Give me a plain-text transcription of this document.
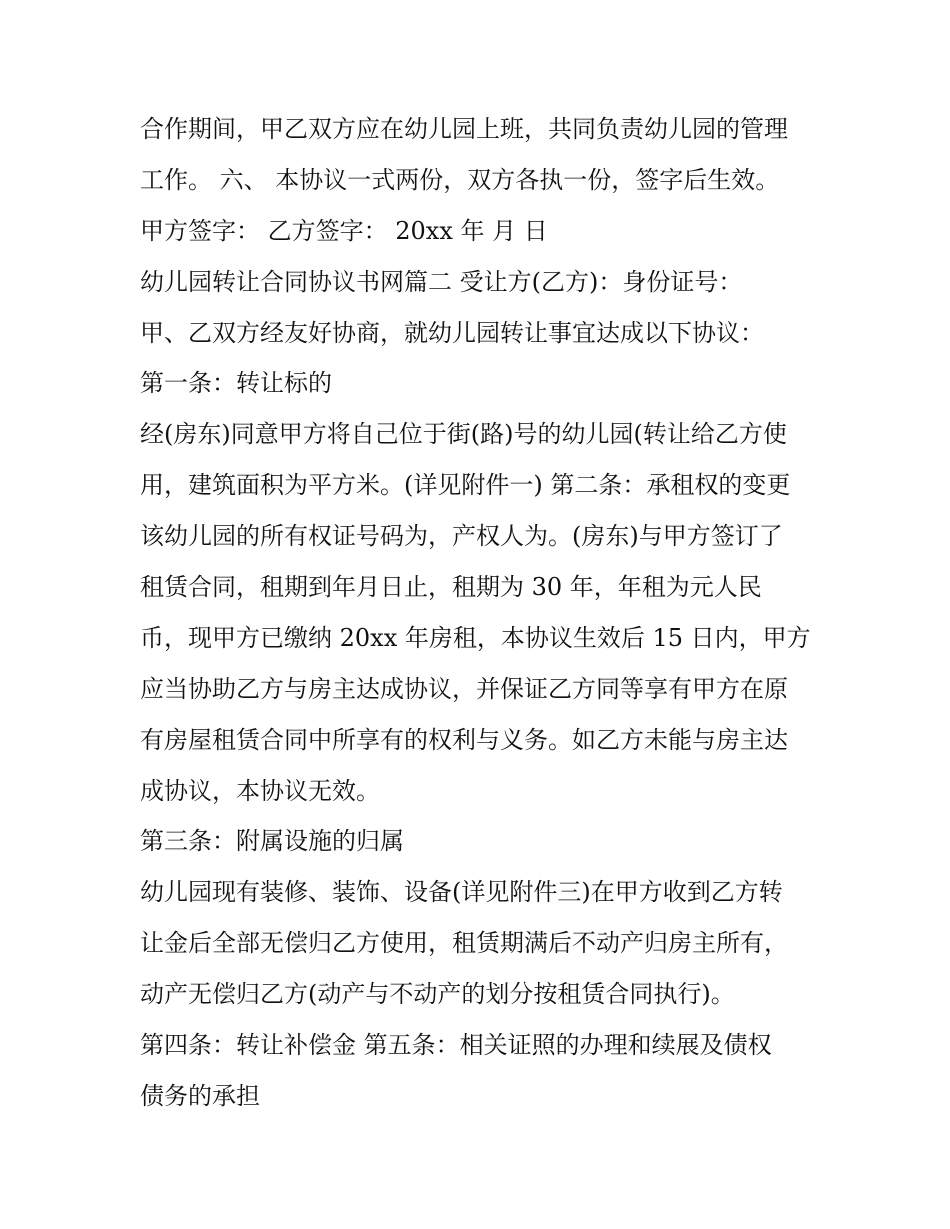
合作期间，甲乙双方应在幼儿园上班，共同负责幼儿园的管理
工作。 六、 本协议一式两份，双方各执一份，签字后生效。
甲方签字： 乙方签字： 20xx 年 月 日
幼儿园转让合同协议书网篇二 受让方(乙方)：身份证号：
甲、乙双方经友好协商，就幼儿园转让事宜达成以下协议：
第一条：转让标的
经(房东)同意甲方将自己位于街(路)号的幼儿园(转让给乙方使
用，建筑面积为平方米。(详见附件一) 第二条：承租权的变更
该幼儿园的所有权证号码为，产权人为。(房东)与甲方签订了
租赁合同，租期到年月日止，租期为 30 年，年租为元人民
币，现甲方已缴纳 20xx 年房租，本协议生效后 15 日内，甲方
应当协助乙方与房主达成协议，并保证乙方同等享有甲方在原
有房屋租赁合同中所享有的权利与义务。如乙方未能与房主达
成协议，本协议无效。
第三条：附属设施的归属
幼儿园现有装修、装饰、设备(详见附件三)在甲方收到乙方转
让金后全部无偿归乙方使用，租赁期满后不动产归房主所有，
动产无偿归乙方(动产与不动产的划分按租赁合同执行)。
第四条：转让补偿金 第五条：相关证照的办理和续展及债权
债务的承担
